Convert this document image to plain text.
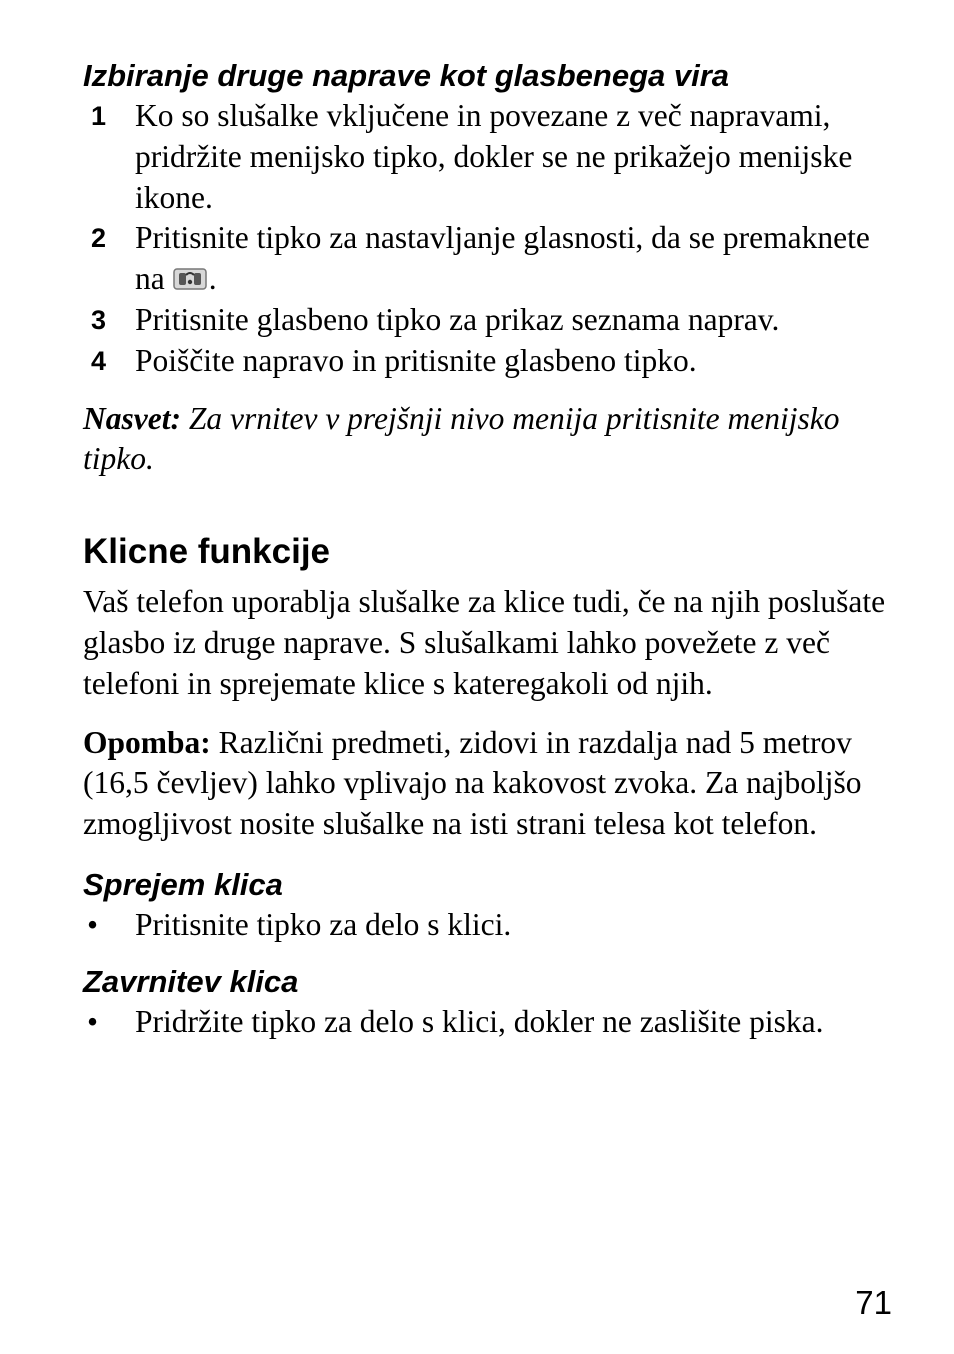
Izbiranje druge naprave kot glasbenega vira
1 Ko so slušalke vključene in povezane z več napravami, pridržite menijsko tipko, dokler se ne prikažejo menijske ikone.
2 Pritisnite tipko za nastavljanje glasnosti, da se premaknete na .
3 Pritisnite glasbeno tipko za prikaz seznama naprav.
4 Poiščite napravo in pritisnite glasbeno tipko.

Nasvet: Za vrnitev v prejšnji nivo menija pritisnite menijsko tipko.

Klicne funkcije

Vaš telefon uporablja slušalke za klice tudi, če na njih poslušate glasbo iz druge naprave. S slušalkami lahko povežete z več telefoni in sprejemate klice s kateregakoli od njih.

Opomba: Različni predmeti, zidovi in razdalja nad 5 metrov (16,5 čevljev) lahko vplivajo na kakovost zvoka. Za najboljšo zmogljivost nosite slušalke na isti strani telesa kot telefon.

Sprejem klica
•	Pritisnite tipko za delo s klici.
Zavrnitev klica
•	Pridržite tipko za delo s klici, dokler ne zaslišite piska.
71
